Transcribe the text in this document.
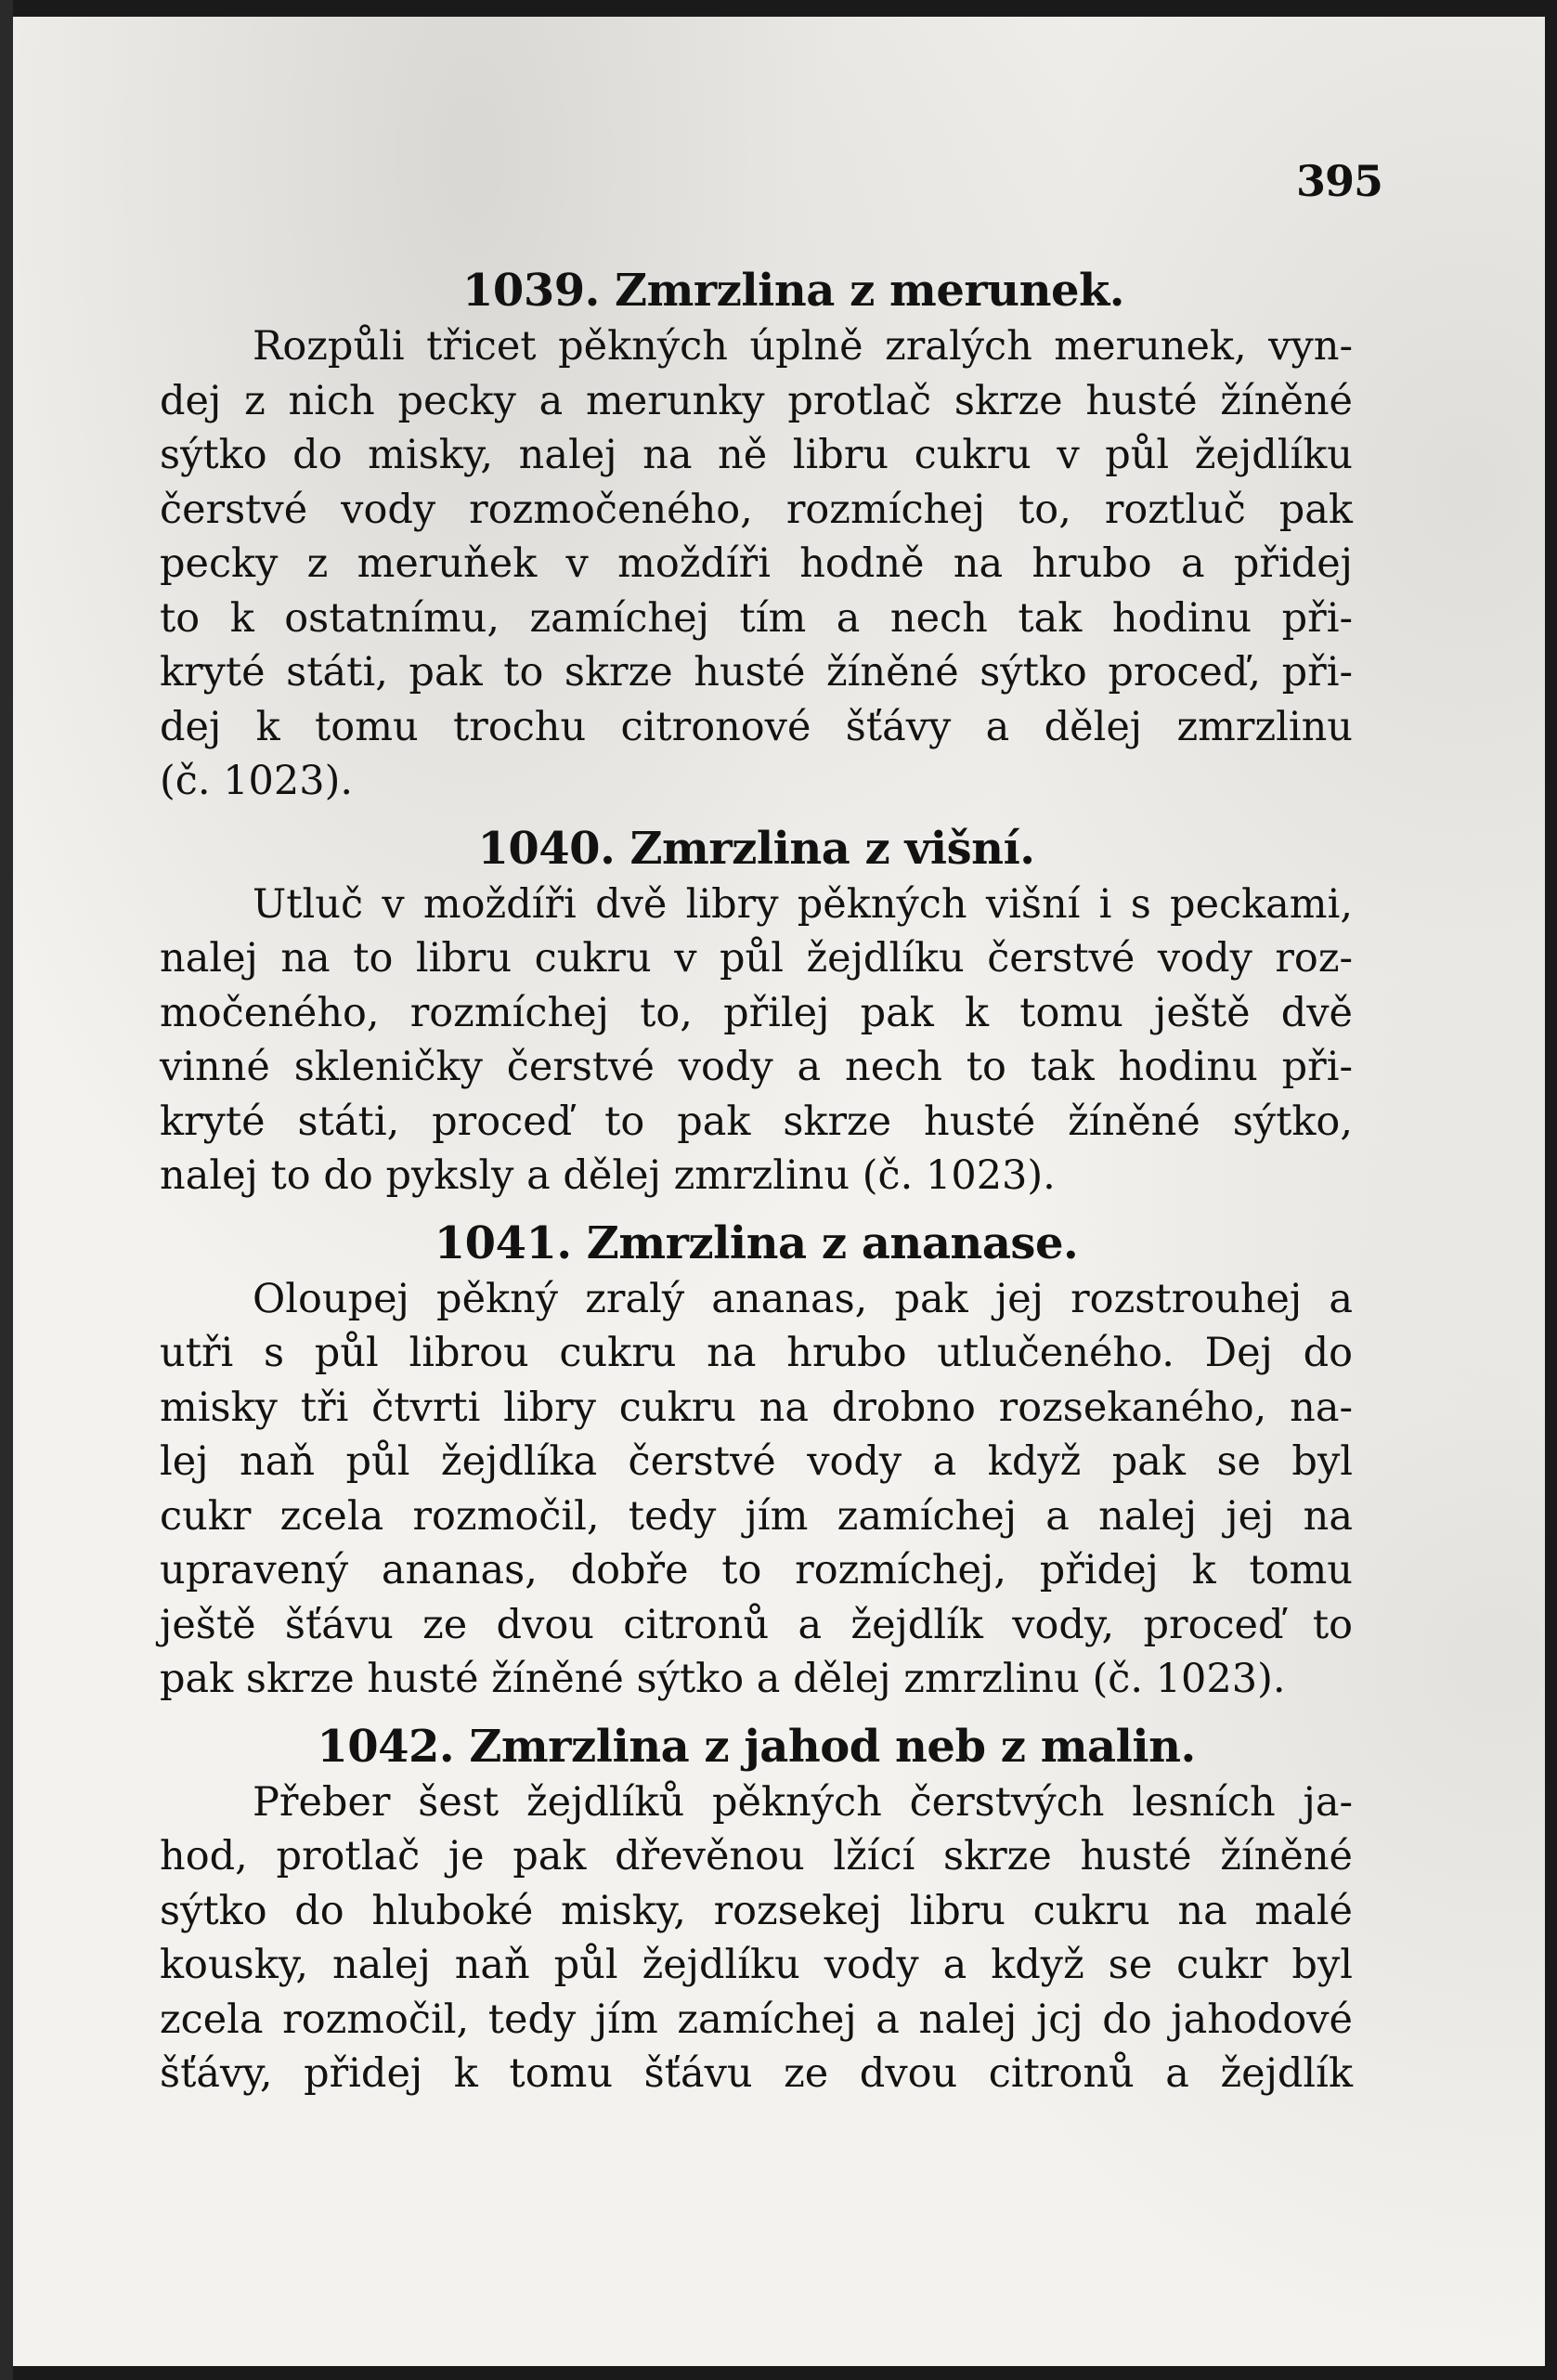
395
1039. Zmrzlina z merunek.
Rozpůli třicet pěkných úplně zralých merunek, vyn-
dej z nich pecky a merunky protlač skrze husté žíněné
sýtko do misky, nalej na ně libru cukru v půl žejdlíku
čerstvé vody rozmočeného, rozmíchej to, roztluč pak
pecky z meruňek v moždíři hodně na hrubo a přidej
to k ostatnímu, zamíchej tím a nech tak hodinu při-
kryté státi, pak to skrze husté žíněné sýtko proceď, při-
dej k tomu trochu citronové šťávy a dělej zmrzlinu
(č. 1023).
1040. Zmrzlina z višní.
Utluč v moždíři dvě libry pěkných višní i s peckami,
nalej na to libru cukru v půl žejdlíku čerstvé vody roz-
močeného, rozmíchej to, přilej pak k tomu ještě dvě
vinné skleničky čerstvé vody a nech to tak hodinu při-
kryté státi, proceď to pak skrze husté žíněné sýtko,
nalej to do pyksly a dělej zmrzlinu (č. 1023).
1041. Zmrzlina z ananase.
Oloupej pěkný zralý ananas, pak jej rozstrouhej a
utři s půl librou cukru na hrubo utlučeného. Dej do
misky tři čtvrti libry cukru na drobno rozsekaného, na-
lej naň půl žejdlíka čerstvé vody a když pak se byl
cukr zcela rozmočil, tedy jím zamíchej a nalej jej na
upravený ananas, dobře to rozmíchej, přidej k tomu
ještě šťávu ze dvou citronů a žejdlík vody, proceď to
pak skrze husté žíněné sýtko a dělej zmrzlinu (č. 1023).
1042. Zmrzlina z jahod neb z malin.
Přeber šest žejdlíků pěkných čerstvých lesních ja-
hod, protlač je pak dřevěnou lžící skrze husté žíněné
sýtko do hluboké misky, rozsekej libru cukru na malé
kousky, nalej naň půl žejdlíku vody a když se cukr byl
zcela rozmočil, tedy jím zamíchej a nalej jcj do jahodové
šťávy, přidej k tomu šťávu ze dvou citronů a žejdlík
